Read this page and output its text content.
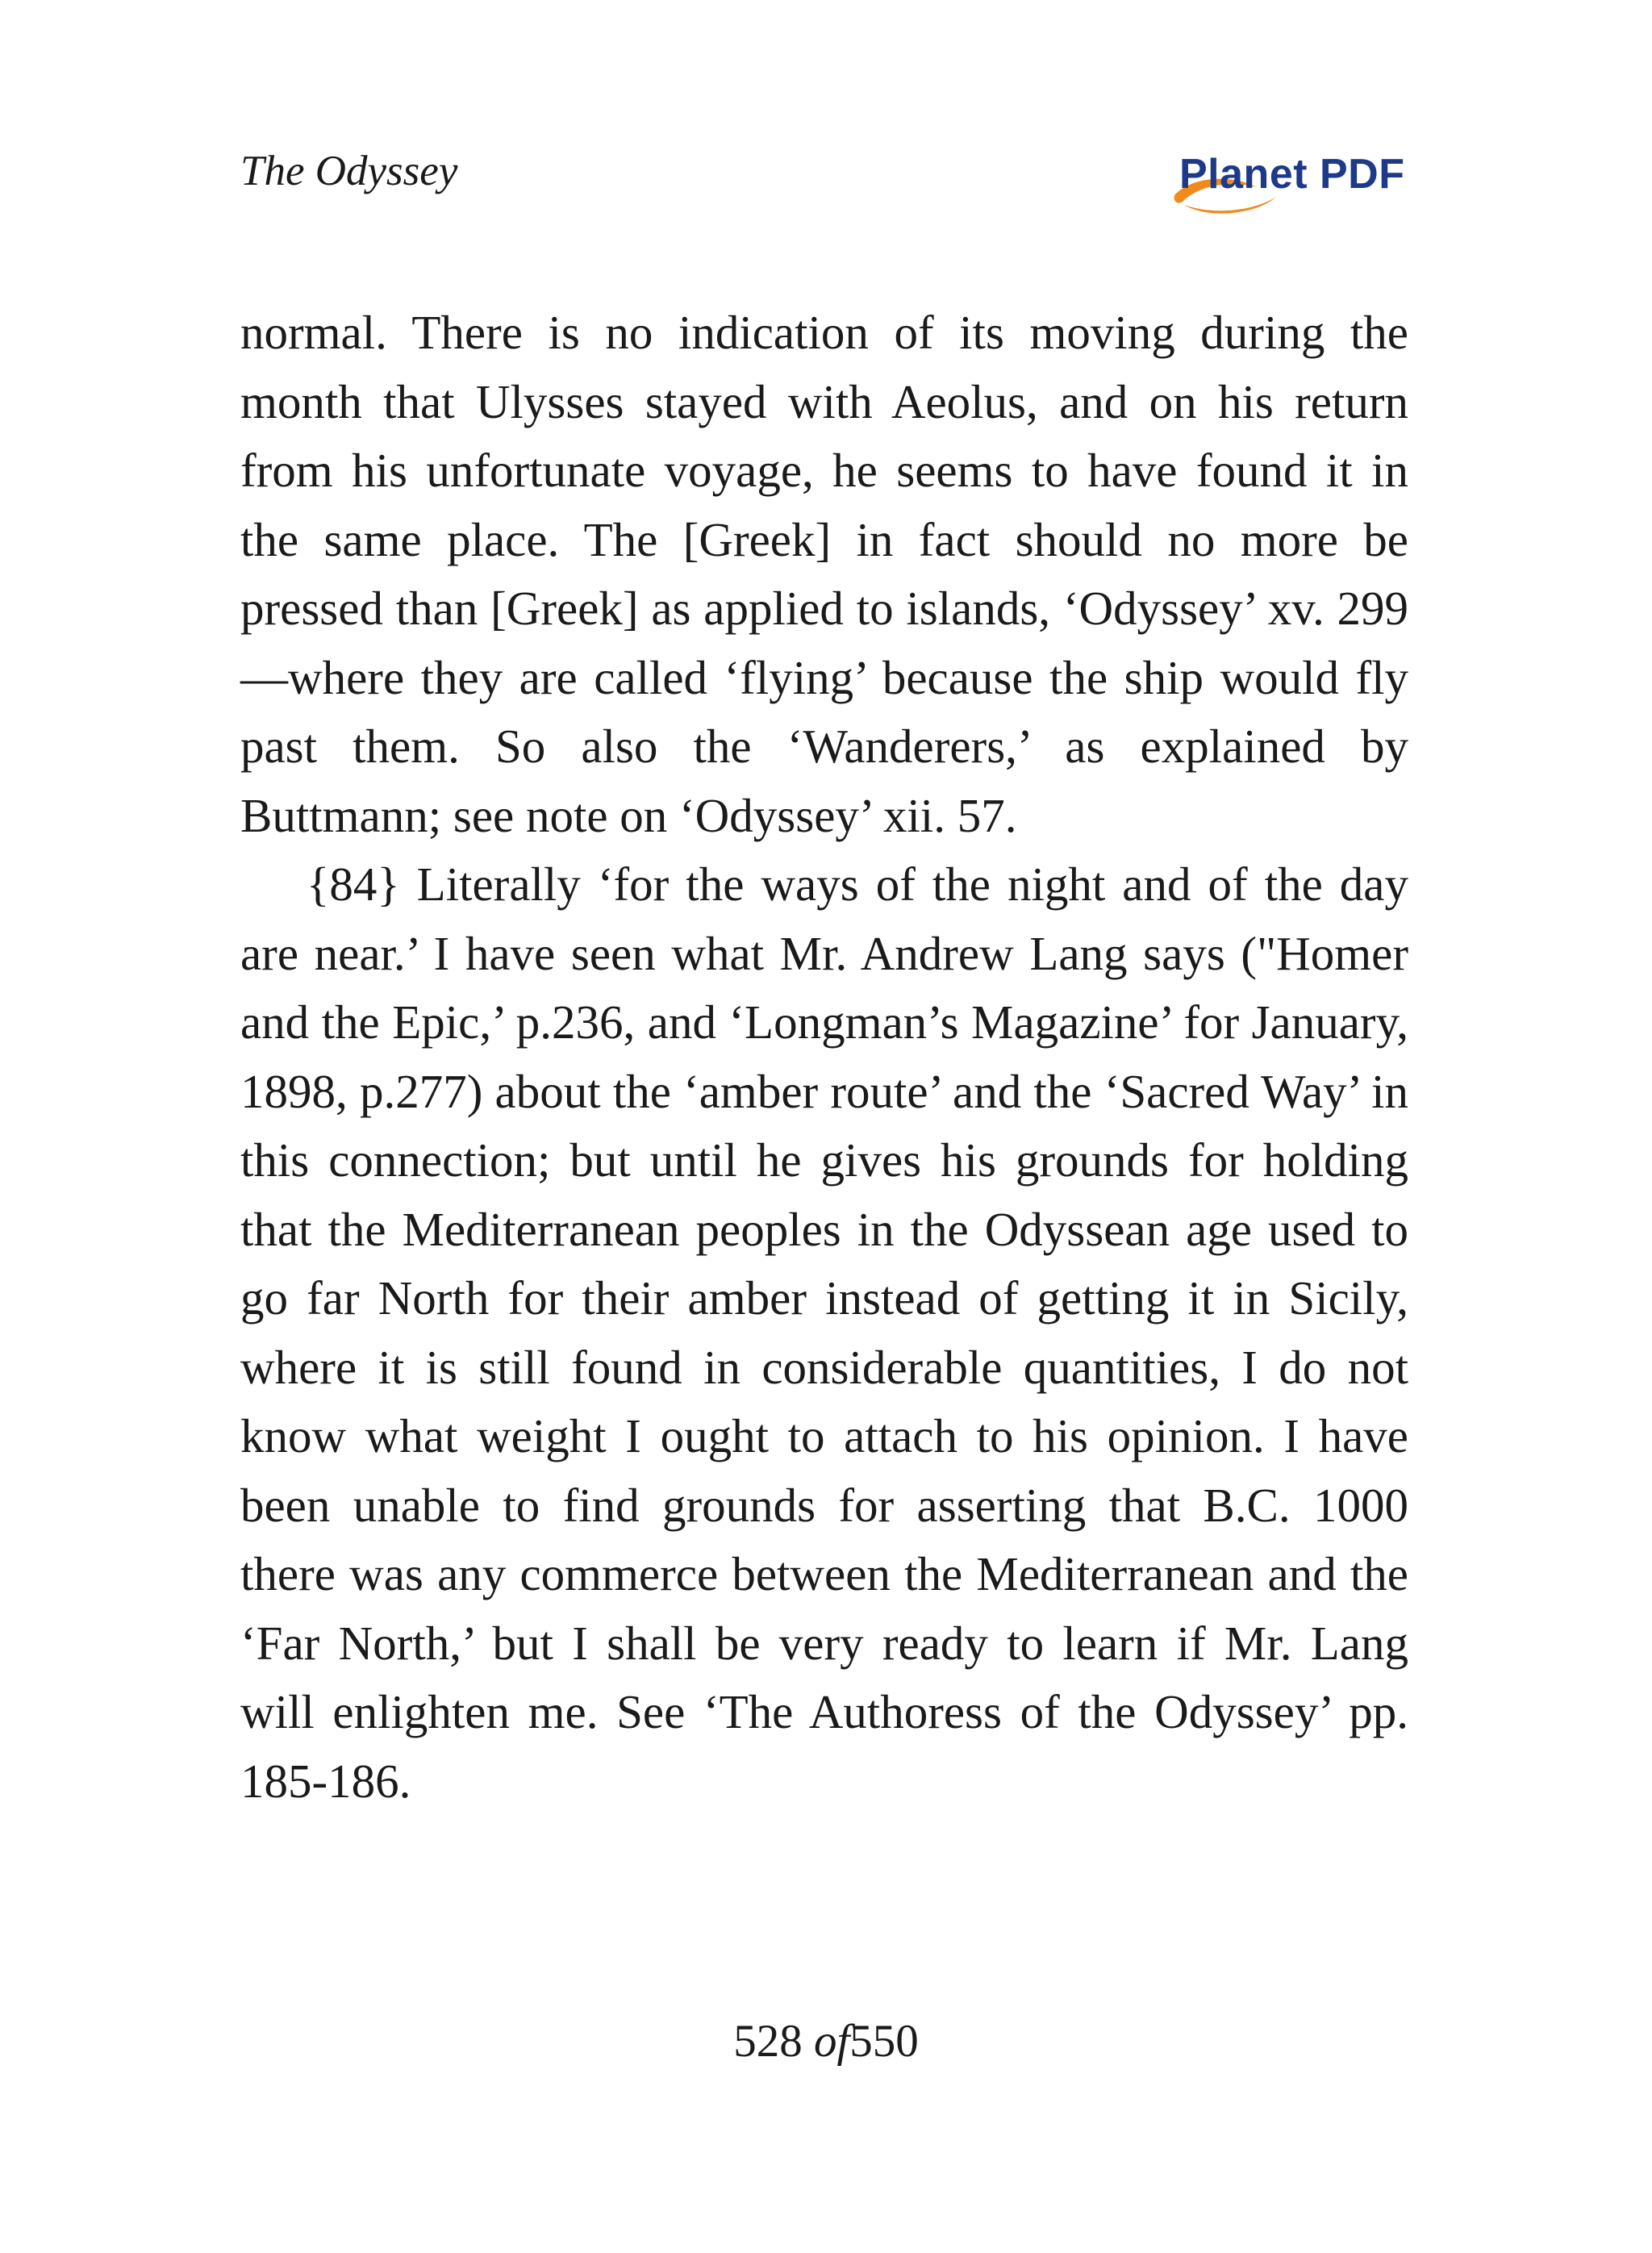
The Odyssey	Planet PDF

normal. There is no indication of its moving during the month that Ulysses stayed with Aeolus, and on his return from his unfortunate voyage, he seems to have found it in the same place. The [Greek] in fact should no more be pressed than [Greek] as applied to islands, ‘Odyssey’ xv. 299—where they are called ‘flying’ because the ship would fly past them. So also the ‘Wanderers,’ as explained by Buttmann; see note on ‘Odyssey’ xii. 57.

{84} Literally ‘for the ways of the night and of the day are near.’ I have seen what Mr. Andrew Lang says ("Homer and the Epic,’ p.236, and ‘Longman’s Magazine’ for January, 1898, p.277) about the ‘amber route’ and the ‘Sacred Way’ in this connection; but until he gives his grounds for holding that the Mediterranean peoples in the Odyssean age used to go far North for their amber instead of getting it in Sicily, where it is still found in considerable quantities, I do not know what weight I ought to attach to his opinion. I have been unable to find grounds for asserting that B.C. 1000 there was any commerce between the Mediterranean and the ‘Far North,’ but I shall be very ready to learn if Mr. Lang will enlighten me. See ‘The Authoress of the Odyssey’ pp. 185-186.

528 of550
